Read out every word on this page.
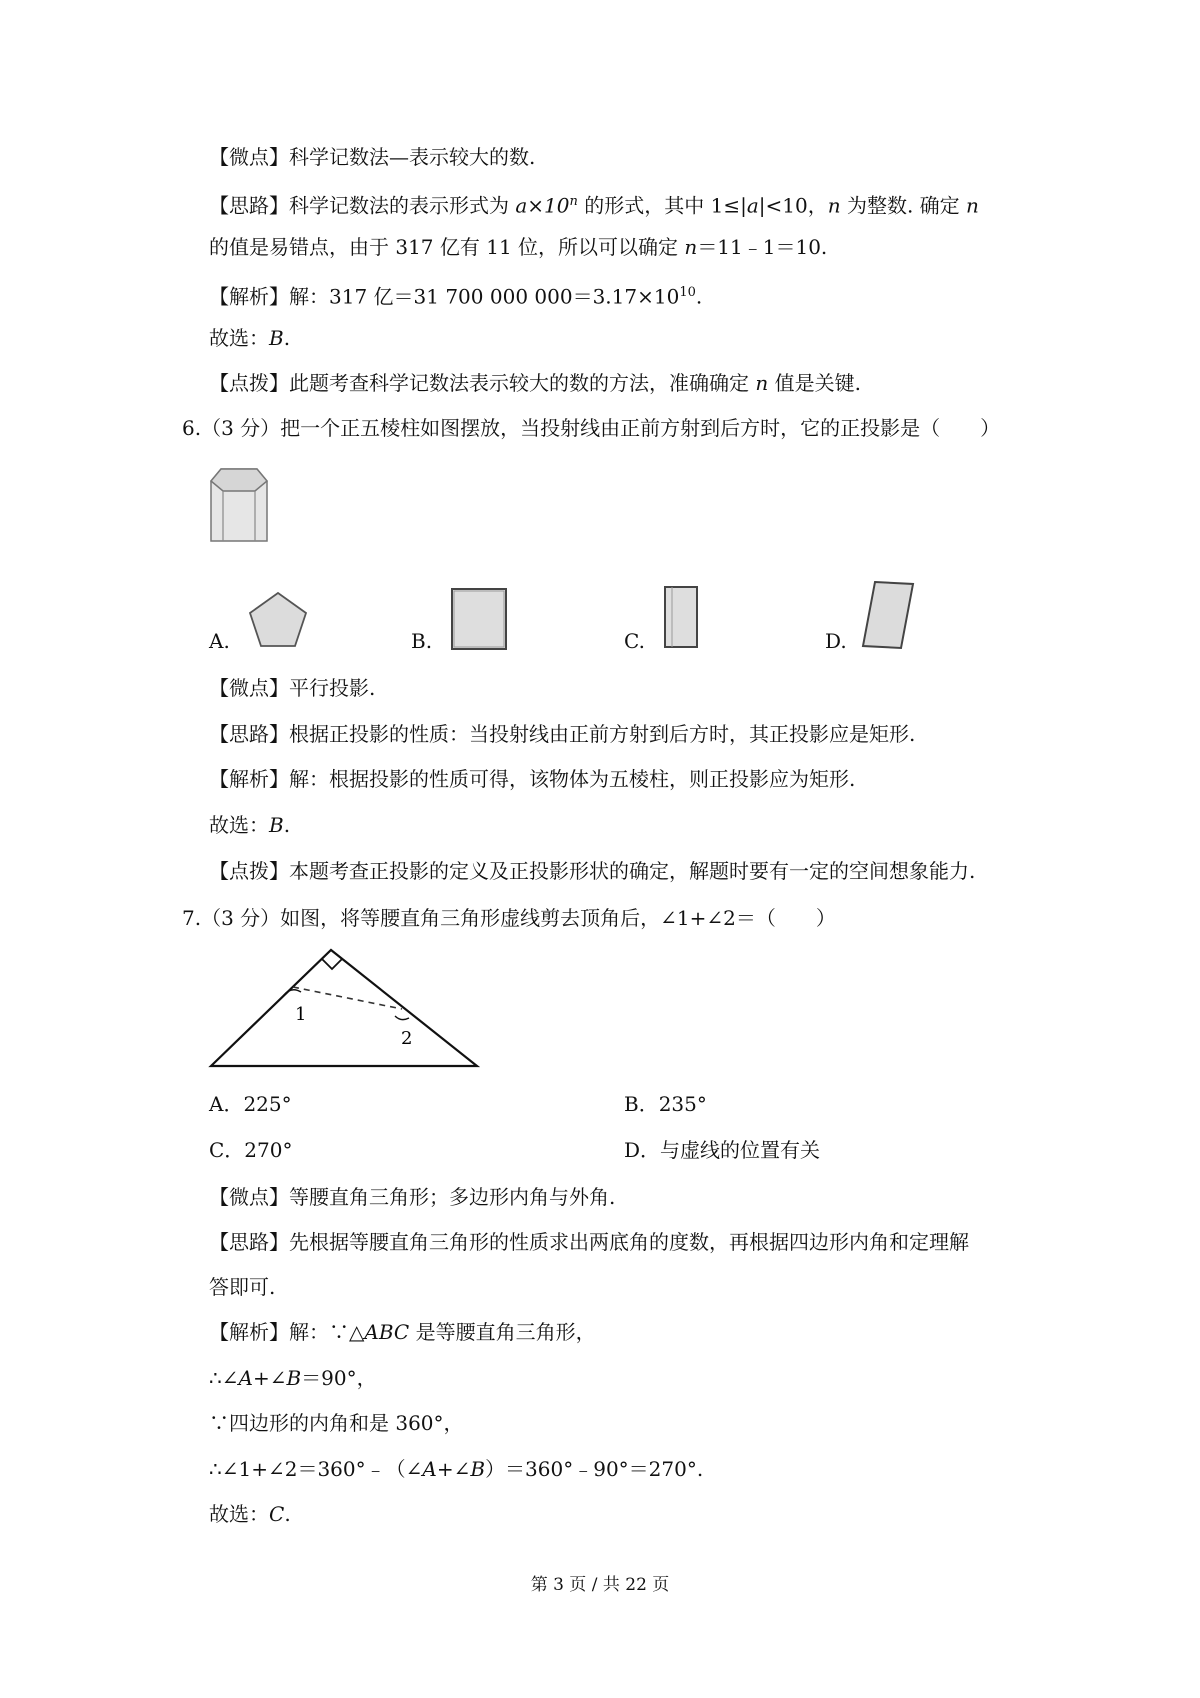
【微点】科学记数法—表示较大的数.
【思路】科学记数法的表示形式为 $a\times 10^n$ 的形式，其中 1≤|a|<10，n 为整数. 确定 n
的值是易错点，由于 317 亿有 11 位，所以可以确定 n＝11﹣1＝10.
【解析】解：317 亿＝31 700 000 $000=3.17\times 10^{10}$.
故选：B.
【点拨】此题考查科学记数法表示较大的数的方法，准确确定 n 值是关键.
6.（3 分）把一个正五棱柱如图摆放，当投射线由正前方射到后方时，它的正投影是（　　）
A.	B.	C.	D.
【微点】平行投影.
【思路】根据正投影的性质：当投射线由正前方射到后方时，其正投影应是矩形.
【解析】解：根据投影的性质可得，该物体为五棱柱，则正投影应为矩形.
故选：B.
【点拨】本题考查正投影的定义及正投影形状的确定，解题时要有一定的空间想象能力.
7.（3 分）如图，将等腰直角三角形虚线剪去顶角后，∠1+∠2＝（　　）
1
2
A．225°	B．235°
C．270°	D．与虚线的位置有关
【微点】等腰直角三角形；多边形内角与外角.
【思路】先根据等腰直角三角形的性质求出两底角的度数，再根据四边形内角和定理解
答即可.
【解析】解：∵△ABC 是等腰直角三角形，
∴∠A+∠B＝90°，
∵四边形的内角和是 360°，
∴∠1+∠2＝360°﹣（∠A+∠B）＝360°﹣90°＝270°.
故选：C.
第 3 页 / 共 22 页
